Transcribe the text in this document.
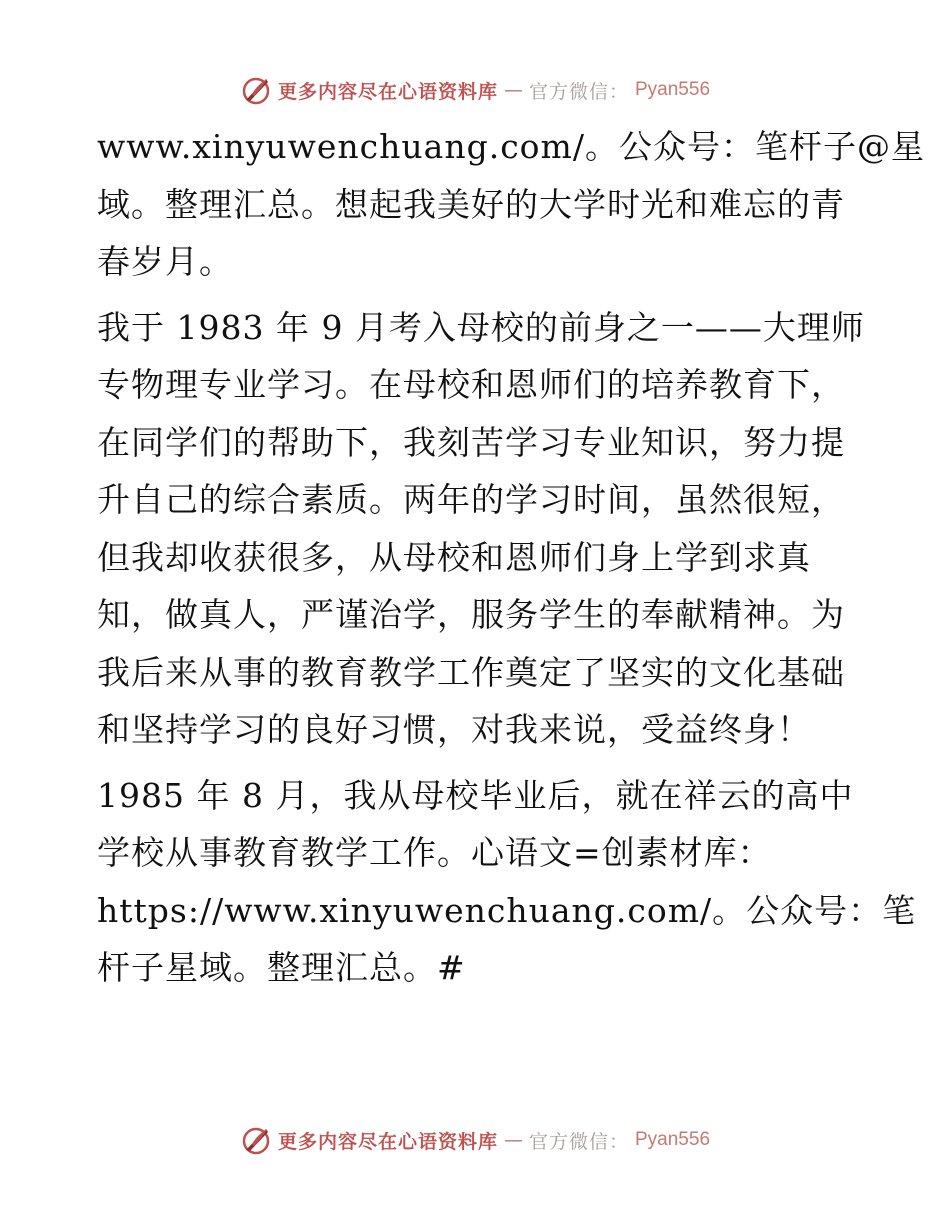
更多内容尽在心语资料库 — 官方微信： Pyan556

www.xinyuwenchuang.com/。公众号：笔杆子@星
域。整理汇总。想起我美好的大学时光和难忘的青
春岁月。

我于 1983 年 9 月考入母校的前身之一——大理师
专物理专业学习。在母校和恩师们的培养教育下，
在同学们的帮助下，我刻苦学习专业知识，努力提
升自己的综合素质。两年的学习时间，虽然很短，
但我却收获很多，从母校和恩师们身上学到求真
知，做真人，严谨治学，服务学生的奉献精神。为
我后来从事的教育教学工作奠定了坚实的文化基础
和坚持学习的良好习惯，对我来说，受益终身！

1985 年 8 月，我从母校毕业后，就在祥云的高中
学校从事教育教学工作。心语文=创素材库：
https://www.xinyuwenchuang.com/。公众号：笔
杆子星域。整理汇总。#

更多内容尽在心语资料库 — 官方微信： Pyan556
